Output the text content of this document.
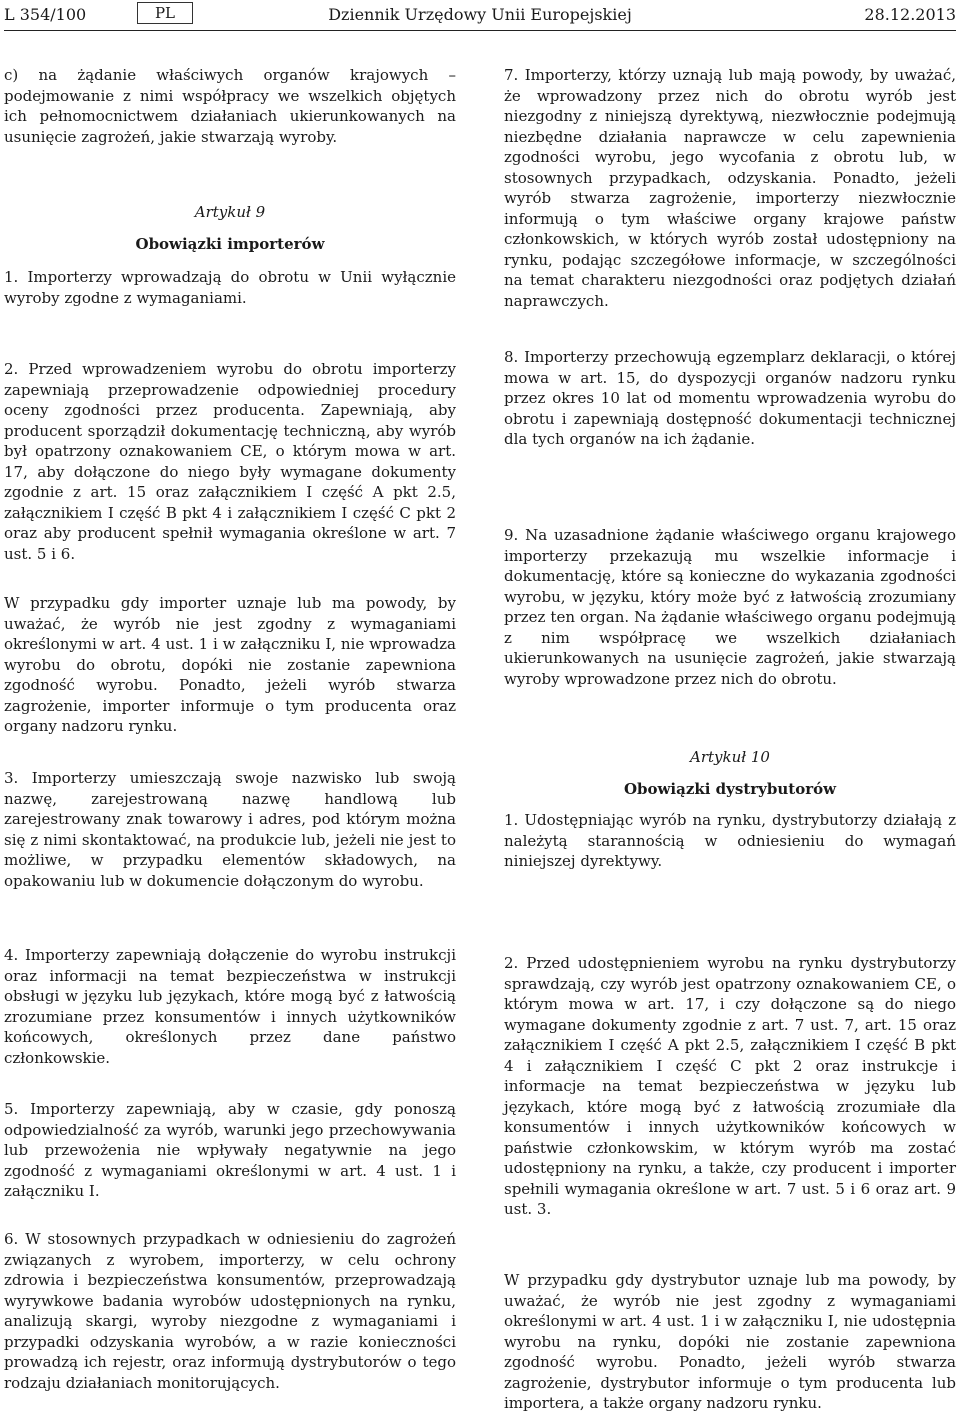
L 354/100	PL	Dziennik Urzędowy Unii Europejskiej	28.12.2013

c) na żądanie właściwych organów krajowych – podejmowanie z nimi współpracy we wszelkich objętych ich pełnomocnictwem działaniach ukierunkowanych na usunięcie zagrożeń, jakie stwarzają wyroby.

Artykuł 9
Obowiązki importerów

1. Importerzy wprowadzają do obrotu w Unii wyłącznie wyroby zgodne z wymaganiami.

2. Przed wprowadzeniem wyrobu do obrotu importerzy zapewniają przeprowadzenie odpowiedniej procedury oceny zgodności przez producenta. Zapewniają, aby producent sporządził dokumentację techniczną, aby wyrób był opatrzony oznakowaniem CE, o którym mowa w art. 17, aby dołączone do niego były wymagane dokumenty zgodnie z art. 15 oraz załącznikiem I część A pkt 2.5, załącznikiem I część B pkt 4 i załącznikiem I część C pkt 2 oraz aby producent spełnił wymagania określone w art. 7 ust. 5 i 6.

W przypadku gdy importer uznaje lub ma powody, by uważać, że wyrób nie jest zgodny z wymaganiami określonymi w art. 4 ust. 1 i w załączniku I, nie wprowadza wyrobu do obrotu, dopóki nie zostanie zapewniona zgodność wyrobu. Ponadto, jeżeli wyrób stwarza zagrożenie, importer informuje o tym producenta oraz organy nadzoru rynku.

3. Importerzy umieszczają swoje nazwisko lub swoją nazwę, zarejestrowaną nazwę handlową lub zarejestrowany znak towarowy i adres, pod którym można się z nimi skontaktować, na produkcie lub, jeżeli nie jest to możliwe, w przypadku elementów składowych, na opakowaniu lub w dokumencie dołączonym do wyrobu.

4. Importerzy zapewniają dołączenie do wyrobu instrukcji oraz informacji na temat bezpieczeństwa w instrukcji obsługi w języku lub językach, które mogą być z łatwością zrozumiane przez konsumentów i innych użytkowników końcowych, określonych przez dane państwo członkowskie.

5. Importerzy zapewniają, aby w czasie, gdy ponoszą odpowiedzialność za wyrób, warunki jego przechowywania lub przewożenia nie wpływały negatywnie na jego zgodność z wymaganiami określonymi w art. 4 ust. 1 i załączniku I.

6. W stosownych przypadkach w odniesieniu do zagrożeń związanych z wyrobem, importerzy, w celu ochrony zdrowia i bezpieczeństwa konsumentów, przeprowadzają wyrywkowe badania wyrobów udostępnionych na rynku, analizują skargi, wyroby niezgodne z wymaganiami i przypadki odzyskania wyrobów, a w razie konieczności prowadzą ich rejestr, oraz informują dystrybutorów o tego rodzaju działaniach monitorujących.

7. Importerzy, którzy uznają lub mają powody, by uważać, że wprowadzony przez nich do obrotu wyrób jest niezgodny z niniejszą dyrektywą, niezwłocznie podejmują niezbędne działania naprawcze w celu zapewnienia zgodności wyrobu, jego wycofania z obrotu lub, w stosownych przypadkach, odzyskania. Ponadto, jeżeli wyrób stwarza zagrożenie, importerzy niezwłocznie informują o tym właściwe organy krajowe państw członkowskich, w których wyrób został udostępniony na rynku, podając szczegółowe informacje, w szczególności na temat charakteru niezgodności oraz podjętych działań naprawczych.

8. Importerzy przechowują egzemplarz deklaracji, o której mowa w art. 15, do dyspozycji organów nadzoru rynku przez okres 10 lat od momentu wprowadzenia wyrobu do obrotu i zapewniają dostępność dokumentacji technicznej dla tych organów na ich żądanie.

9. Na uzasadnione żądanie właściwego organu krajowego importerzy przekazują mu wszelkie informacje i dokumentację, które są konieczne do wykazania zgodności wyrobu, w języku, który może być z łatwością zrozumiany przez ten organ. Na żądanie właściwego organu podejmują z nim współpracę we wszelkich działaniach ukierunkowanych na usunięcie zagrożeń, jakie stwarzają wyroby wprowadzone przez nich do obrotu.

Artykuł 10
Obowiązki dystrybutorów

1. Udostępniając wyrób na rynku, dystrybutorzy działają z należytą starannością w odniesieniu do wymagań niniejszej dyrektywy.

2. Przed udostępnieniem wyrobu na rynku dystrybutorzy sprawdzają, czy wyrób jest opatrzony oznakowaniem CE, o którym mowa w art. 17, i czy dołączone są do niego wymagane dokumenty zgodnie z art. 7 ust. 7, art. 15 oraz załącznikiem I część A pkt 2.5, załącznikiem I część B pkt 4 i załącznikiem I część C pkt 2 oraz instrukcje i informacje na temat bezpieczeństwa w języku lub językach, które mogą być z łatwością zrozumiałe dla konsumentów i innych użytkowników końcowych w państwie członkowskim, w którym wyrób ma zostać udostępniony na rynku, a także, czy producent i importer spełnili wymagania określone w art. 7 ust. 5 i 6 oraz art. 9 ust. 3.

W przypadku gdy dystrybutor uznaje lub ma powody, by uważać, że wyrób nie jest zgodny z wymaganiami określonymi w art. 4 ust. 1 i w załączniku I, nie udostępnia wyrobu na rynku, dopóki nie zostanie zapewniona zgodność wyrobu. Ponadto, jeżeli wyrób stwarza zagrożenie, dystrybutor informuje o tym producenta lub importera, a także organy nadzoru rynku.
